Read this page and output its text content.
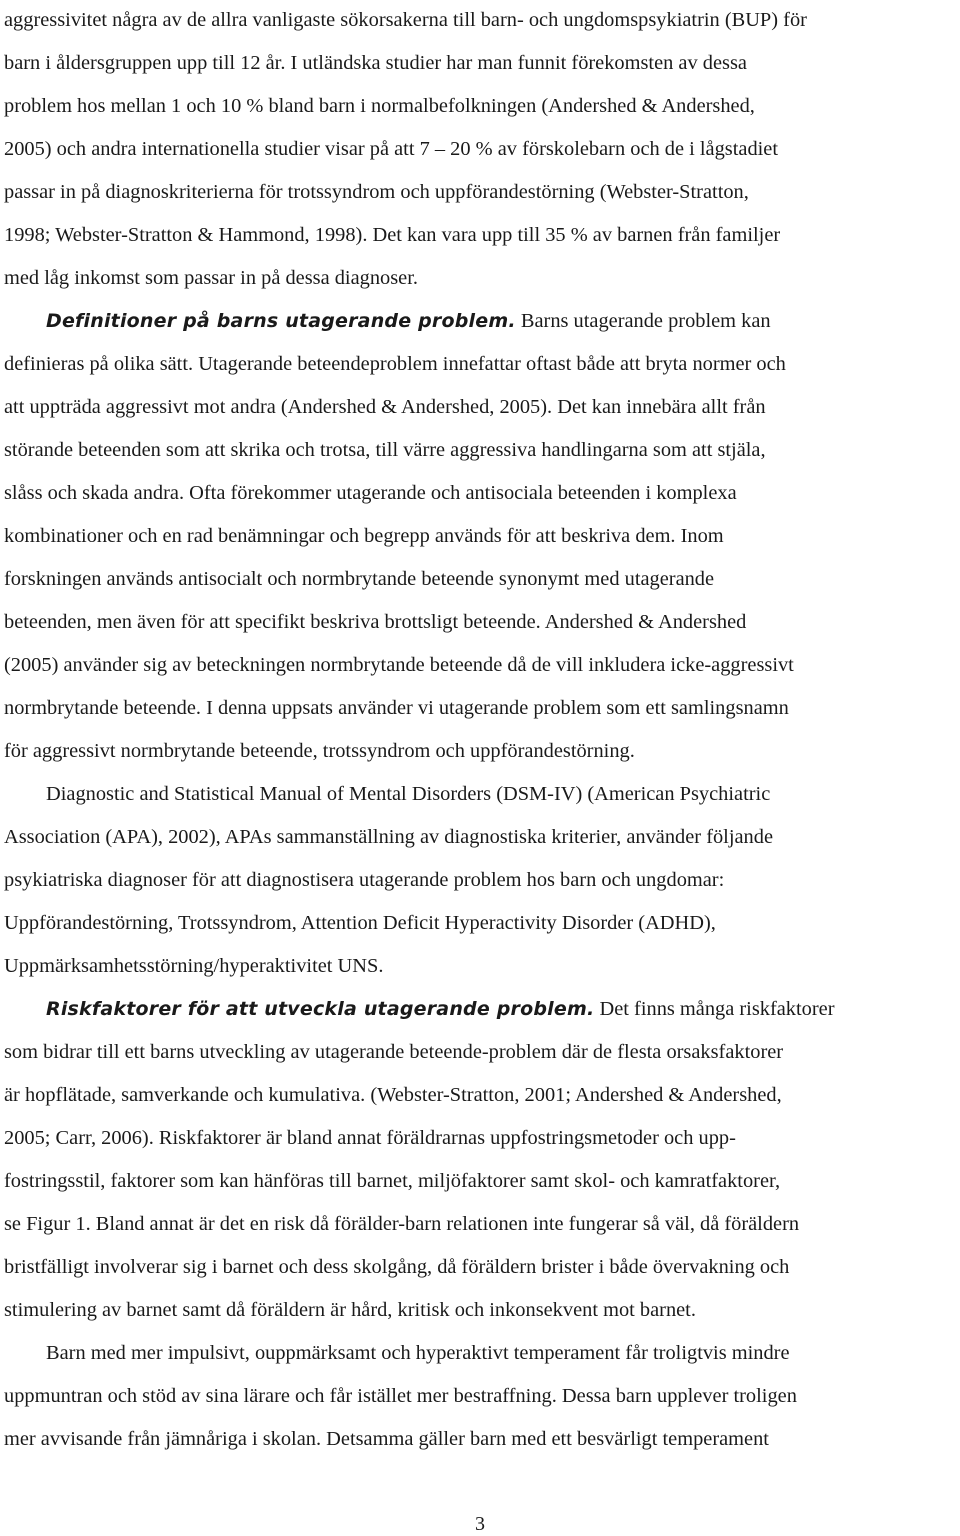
aggressivitet några av de allra vanligaste sökorsakerna till barn- och ungdomspsykiatrin (BUP) för
barn i åldersgruppen upp till 12 år. I utländska studier har man funnit förekomsten av dessa
problem hos mellan 1 och 10 % bland barn i normalbefolkningen (Andershed & Andershed,
2005) och andra internationella studier visar på att 7 – 20 % av förskolebarn och de i lågstadiet
passar in på diagnoskriterierna för trotssyndrom och uppförandestörning (Webster-Stratton,
1998; Webster-Stratton & Hammond, 1998). Det kan vara upp till 35 % av barnen från familjer
med låg inkomst som passar in på dessa diagnoser.
Definitioner på barns utagerande problem. Barns utagerande problem kan
definieras på olika sätt. Utagerande beteendeproblem innefattar oftast både att bryta normer och
att uppträda aggressivt mot andra (Andershed & Andershed, 2005). Det kan innebära allt från
störande beteenden som att skrika och trotsa, till värre aggressiva handlingarna som att stjäla,
slåss och skada andra. Ofta förekommer utagerande och antisociala beteenden i komplexa
kombinationer och en rad benämningar och begrepp används för att beskriva dem. Inom
forskningen används antisocialt och normbrytande beteende synonymt med utagerande
beteenden, men även för att specifikt beskriva brottsligt beteende. Andershed & Andershed
(2005) använder sig av beteckningen normbrytande beteende då de vill inkludera icke-aggressivt
normbrytande beteende. I denna uppsats använder vi utagerande problem som ett samlingsnamn
för aggressivt normbrytande beteende, trotssyndrom och uppförandestörning.
Diagnostic and Statistical Manual of Mental Disorders (DSM-IV) (American Psychiatric
Association (APA), 2002), APAs sammanställning av diagnostiska kriterier, använder följande
psykiatriska diagnoser för att diagnostisera utagerande problem hos barn och ungdomar:
Uppförandestörning, Trotssyndrom, Attention Deficit Hyperactivity Disorder (ADHD),
Uppmärksamhetsstörning/hyperaktivitet UNS.
Riskfaktorer för att utveckla utagerande problem. Det finns många riskfaktorer
som bidrar till ett barns utveckling av utagerande beteende-problem där de flesta orsaksfaktorer
är hopflätade, samverkande och kumulativa. (Webster-Stratton, 2001; Andershed & Andershed,
2005; Carr, 2006). Riskfaktorer är bland annat föräldrarnas uppfostringsmetoder och upp-
fostringsstil, faktorer som kan hänföras till barnet, miljöfaktorer samt skol- och kamratfaktorer,
se Figur 1. Bland annat är det en risk då förälder-barn relationen inte fungerar så väl, då föräldern
bristfälligt involverar sig i barnet och dess skolgång, då föräldern brister i både övervakning och
stimulering av barnet samt då föräldern är hård, kritisk och inkonsekvent mot barnet.
Barn med mer impulsivt, ouppmärksamt och hyperaktivt temperament får troligtvis mindre
uppmuntran och stöd av sina lärare och får istället mer bestraffning. Dessa barn upplever troligen
mer avvisande från jämnåriga i skolan. Detsamma gäller barn med ett besvärligt temperament
3
